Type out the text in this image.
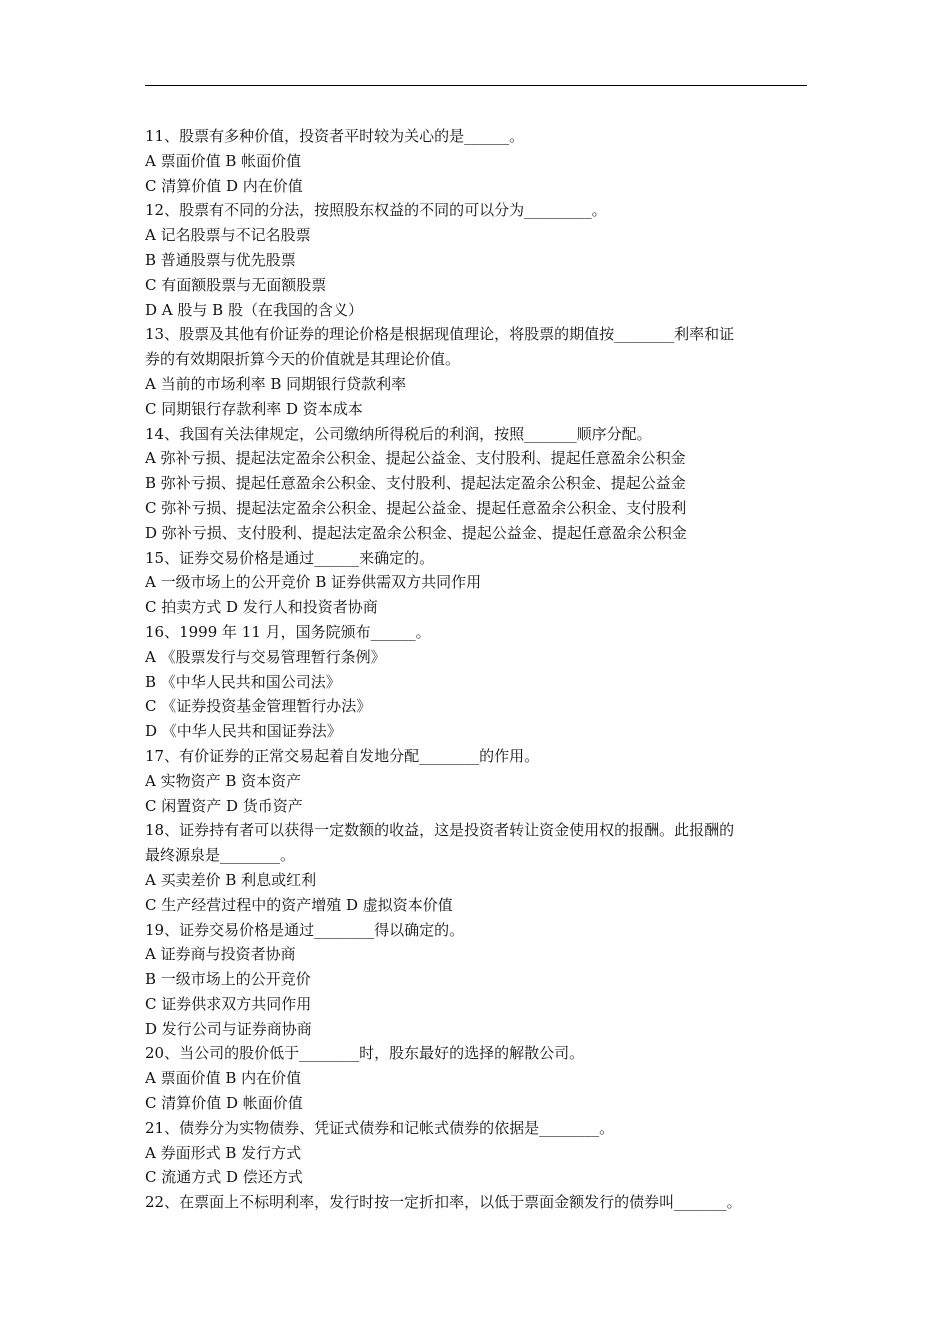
11、股票有多种价值，投资者平时较为关心的是______。
A 票面价值 B 帐面价值
C 清算价值 D 内在价值
12、股票有不同的分法，按照股东权益的不同的可以分为_________。
A 记名股票与不记名股票
B 普通股票与优先股票
C 有面额股票与无面额股票
D A 股与 B 股（在我国的含义）
13、股票及其他有价证券的理论价格是根据现值理论，将股票的期值按________利率和证
券的有效期限折算今天的价值就是其理论价值。
A 当前的市场利率 B 同期银行贷款利率
C 同期银行存款利率 D 资本成本
14、我国有关法律规定，公司缴纳所得税后的利润，按照_______顺序分配。
A 弥补亏损、提起法定盈余公积金、提起公益金、支付股利、提起任意盈余公积金
B 弥补亏损、提起任意盈余公积金、支付股利、提起法定盈余公积金、提起公益金
C 弥补亏损、提起法定盈余公积金、提起公益金、提起任意盈余公积金、支付股利
D 弥补亏损、支付股利、提起法定盈余公积金、提起公益金、提起任意盈余公积金
15、证券交易价格是通过______来确定的。
A 一级市场上的公开竞价 B 证券供需双方共同作用
C 拍卖方式 D 发行人和投资者协商
16、1999 年 11 月，国务院颁布______。
A 《股票发行与交易管理暂行条例》
B 《中华人民共和国公司法》
C 《证券投资基金管理暂行办法》
D 《中华人民共和国证券法》
17、有价证券的正常交易起着自发地分配________的作用。
A 实物资产 B 资本资产
C 闲置资产 D 货币资产
18、证券持有者可以获得一定数额的收益，这是投资者转让资金使用权的报酬。此报酬的
最终源泉是________。
A 买卖差价 B 利息或红利
C 生产经营过程中的资产增殖 D 虚拟资本价值
19、证券交易价格是通过________得以确定的。
A 证券商与投资者协商
B 一级市场上的公开竞价
C 证券供求双方共同作用
D 发行公司与证券商协商
20、当公司的股价低于________时，股东最好的选择的解散公司。
A 票面价值 B 内在价值
C 清算价值 D 帐面价值
21、债券分为实物债券、凭证式债券和记帐式债券的依据是________。
A 券面形式 B 发行方式
C 流通方式 D 偿还方式
22、在票面上不标明利率，发行时按一定折扣率，以低于票面金额发行的债券叫_______。
